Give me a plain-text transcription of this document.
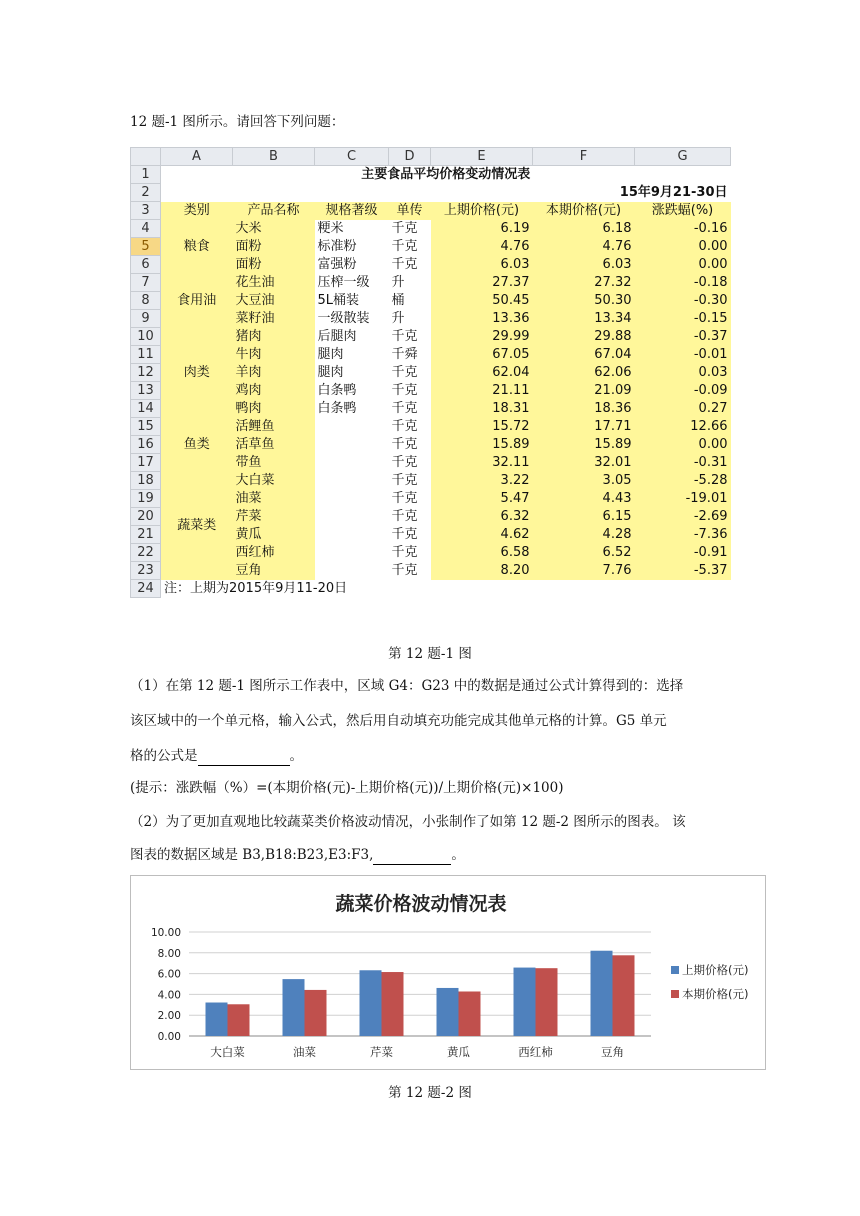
12 题-1 图所示。请回答下列问题：
	A	B	C	D	E	F	G
1	主要食品平均价格变动情况表						
2	15年9月21-30日						
3	类别	产品名称	规格著级	单传	上期价格(元)	本期价格(元)	涨跌蝠(%)
4	粮食	大米	粳米	千克	6.19	6.18	-0.16
5		面粉	标准粉	千克	4.76	4.76	0.00
6		面粉	富强粉	千克	6.03	6.03	0.00
7	食用油	花生油	压榨一级	升	27.37	27.32	-0.18
8		大豆油	5L桶装	桶	50.45	50.30	-0.30
9		菜籽油	一级散装	升	13.36	13.34	-0.15
10	肉类	猪肉	后腿肉	千克	29.99	29.88	-0.37
11		牛肉	腿肉	千舜	67.05	67.04	-0.01
12		羊肉	腿肉	千克	62.04	62.06	0.03
13		鸡肉	白条鸭	千克	21.11	21.09	-0.09
14		鸭肉	白条鸭	千克	18.31	18.36	0.27
15	鱼类	活鲤鱼		千克	15.72	17.71	12.66
16		活草鱼		千克	15.89	15.89	0.00
17		带鱼		千克	32.11	32.01	-0.31
18	蔬菜类	大白菜		千克	3.22	3.05	-5.28
19		油菜		千克	5.47	4.43	-19.01
20		芹菜		千克	6.32	6.15	-2.69
21		黄瓜		千克	4.62	4.28	-7.36
22		西红柿		千克	6.58	6.52	-0.91
23		豆角		千克	8.20	7.76	-5.37
24	注：上期为2015年9月11-20日						
第 12 题-1 图
（1）在第 12 题-1 图所示工作表中，区域 G4：G23 中的数据是通过公式计算得到的：选择
该区域中的一个单元格，输入公式，然后用自动填充功能完成其他单元格的计算。G5 单元
格的公式是	。
(提示：涨跌幅（%）=(本期价格(元)-上期价格(元))/上期价格(元)×100)
（2）为了更加直观地比较蔬菜类价格波动情况，小张制作了如第 12 题-2 图所示的图表。 该
图表的数据区域是 B3,B18:B23,E3:F3,	。
蔬菜价格波动情况表
0.00
2.00
4.00
6.00
8.00
10.00
大白菜	油菜	芹菜	黄瓜	西红柿	豆角
上期价格(元)
本期价格(元)
第 12 题-2 图
